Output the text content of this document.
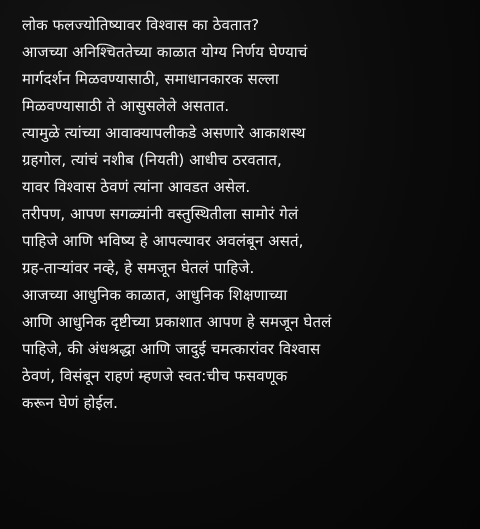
लोक फलज्योतिष्यावर विश्वास का ठेवतात?
आजच्या अनिश्चिततेच्या काळात योग्य निर्णय घेण्याचं
मार्गदर्शन मिळवण्यासाठी, समाधानकारक सल्ला
मिळवण्यासाठी ते आसुसलेले असतात.
त्यामुळे त्यांच्या आवाक्यापलीकडे असणारे आकाशस्थ
ग्रहगोल, त्यांचं नशीब (नियती) आधीच ठरवतात,
यावर विश्वास ठेवणं त्यांना आवडत असेल.
तरीपण, आपण सगळ्यांनी वस्तुस्थितीला सामोरं गेलं
पाहिजे आणि भविष्य हे आपल्यावर अवलंबून असतं,
ग्रह-ताऱ्यांवर नव्हे, हे समजून घेतलं पाहिजे.
आजच्या आधुनिक काळात, आधुनिक शिक्षणाच्या
आणि आधुनिक दृष्टीच्या प्रकाशात आपण हे समजून घेतलं
पाहिजे, की अंधश्रद्धा आणि जादुई चमत्कारांवर विश्वास
ठेवणं, विसंबून राहणं म्हणजे स्वत:चीच फसवणूक
करून घेणं होईल.
